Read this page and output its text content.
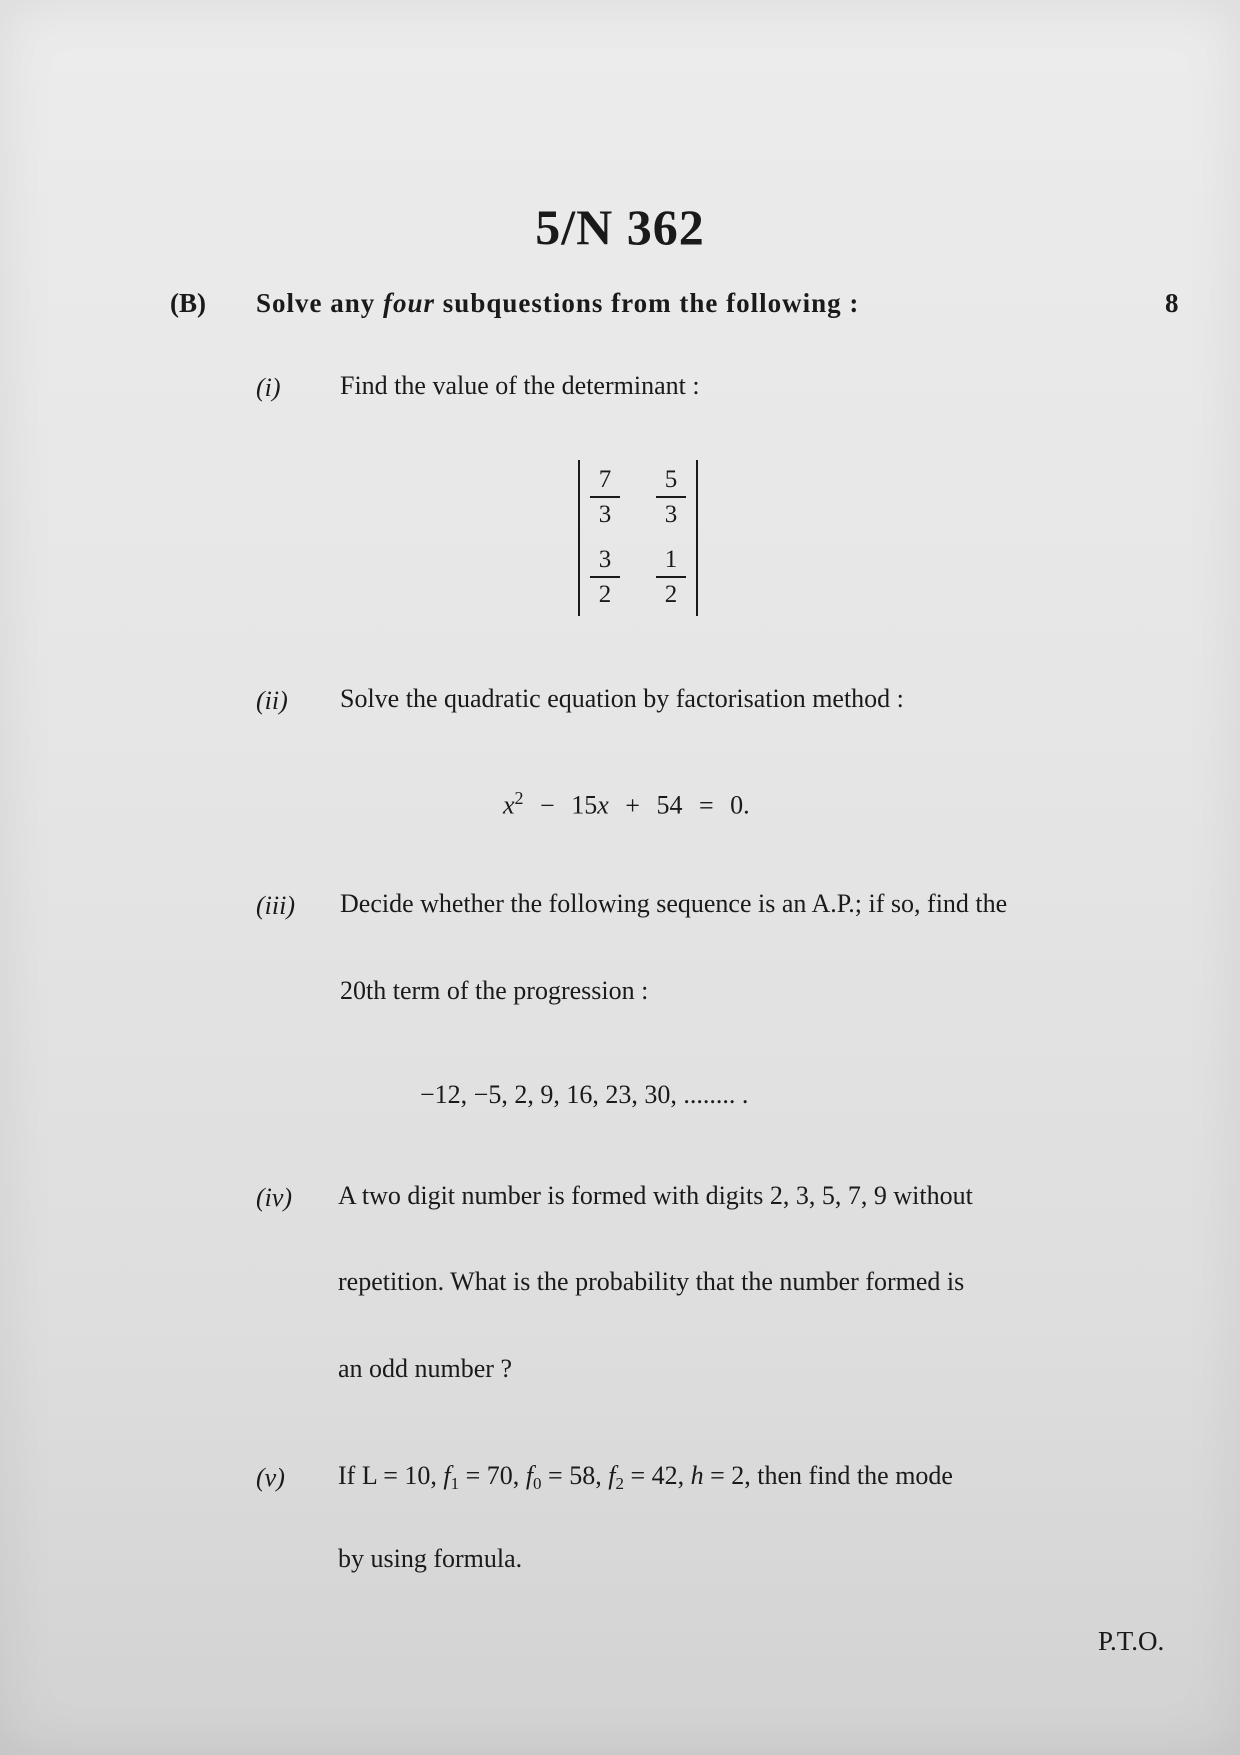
5/N 362
(B) Solve any four subquestions from the following :	8
(i) Find the value of the determinant :
$\frac{7}{3} \frac{5}{3}$
$\frac{3}{2} \frac{1}{2}$
(ii) Solve the quadratic equation by factorisation method :
$x^2 - 15x + 54 = 0$.
(iii) Decide whether the following sequence is an A.P.; if so, find the
20th term of the progression :
−12, −5, 2, 9, 16, 23, 30, ........ .
(iv) A two digit number is formed with digits 2, 3, 5, 7, 9 without
repetition. What is the probability that the number formed is
an odd number ?
(v) If L = 10, $f_1 = 70$, $f_0 = 58$, $f_2 = 42$, h = 2, then find the mode
by using formula.
P.T.O.
